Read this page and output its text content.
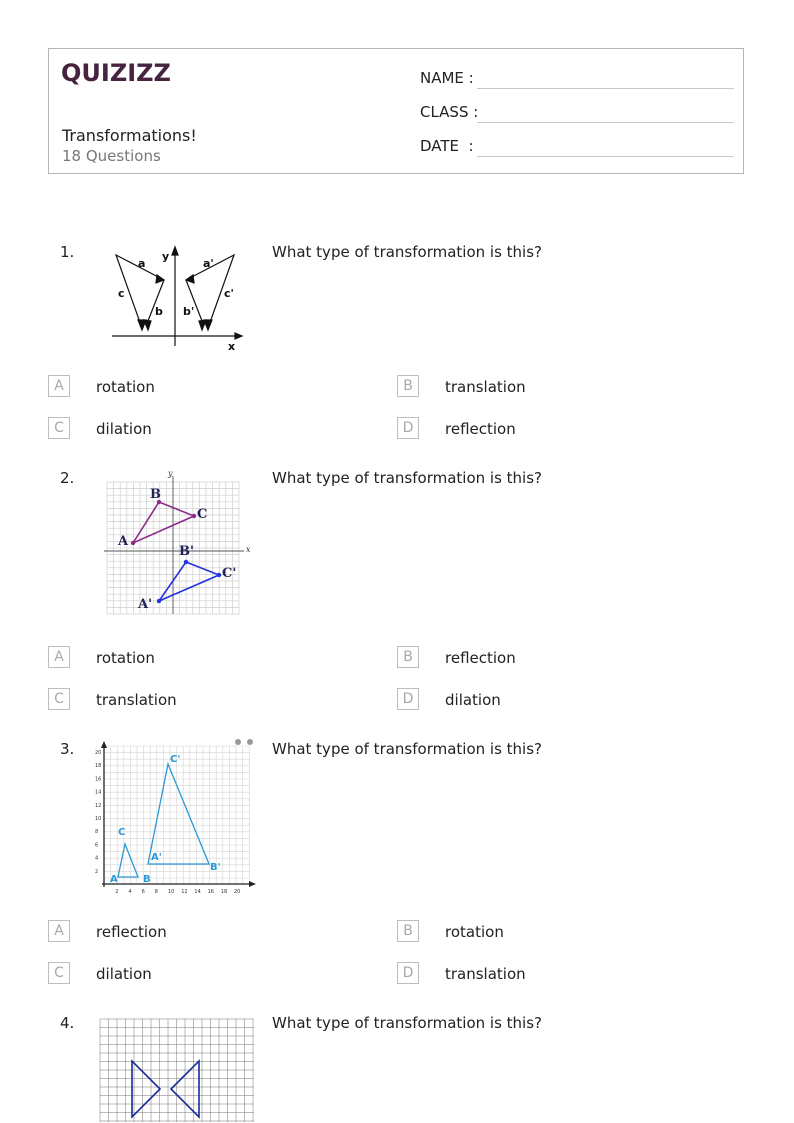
QUIZIZZ
Transformations!
18 Questions
NAME :
CLASS :
DATE  :
1.	What type of transformation is this?
a
c
b
y
a'
c'
b'
x
A	rotation	B	translation
C	dilation	D	reflection
2.	What type of transformation is this?
x
y
A
B
C
A'
B'
C'
A	rotation	B	reflection
C	translation	D	dilation
3.	What type of transformation is this?
2
2
4
4
6
6
8
8
10
10
12
12
14
14
16
16
18
18
20
20
A	B
C
A'
B'
C'
A	reflection	B	rotation
C	dilation	D	translation
4.	What type of transformation is this?
